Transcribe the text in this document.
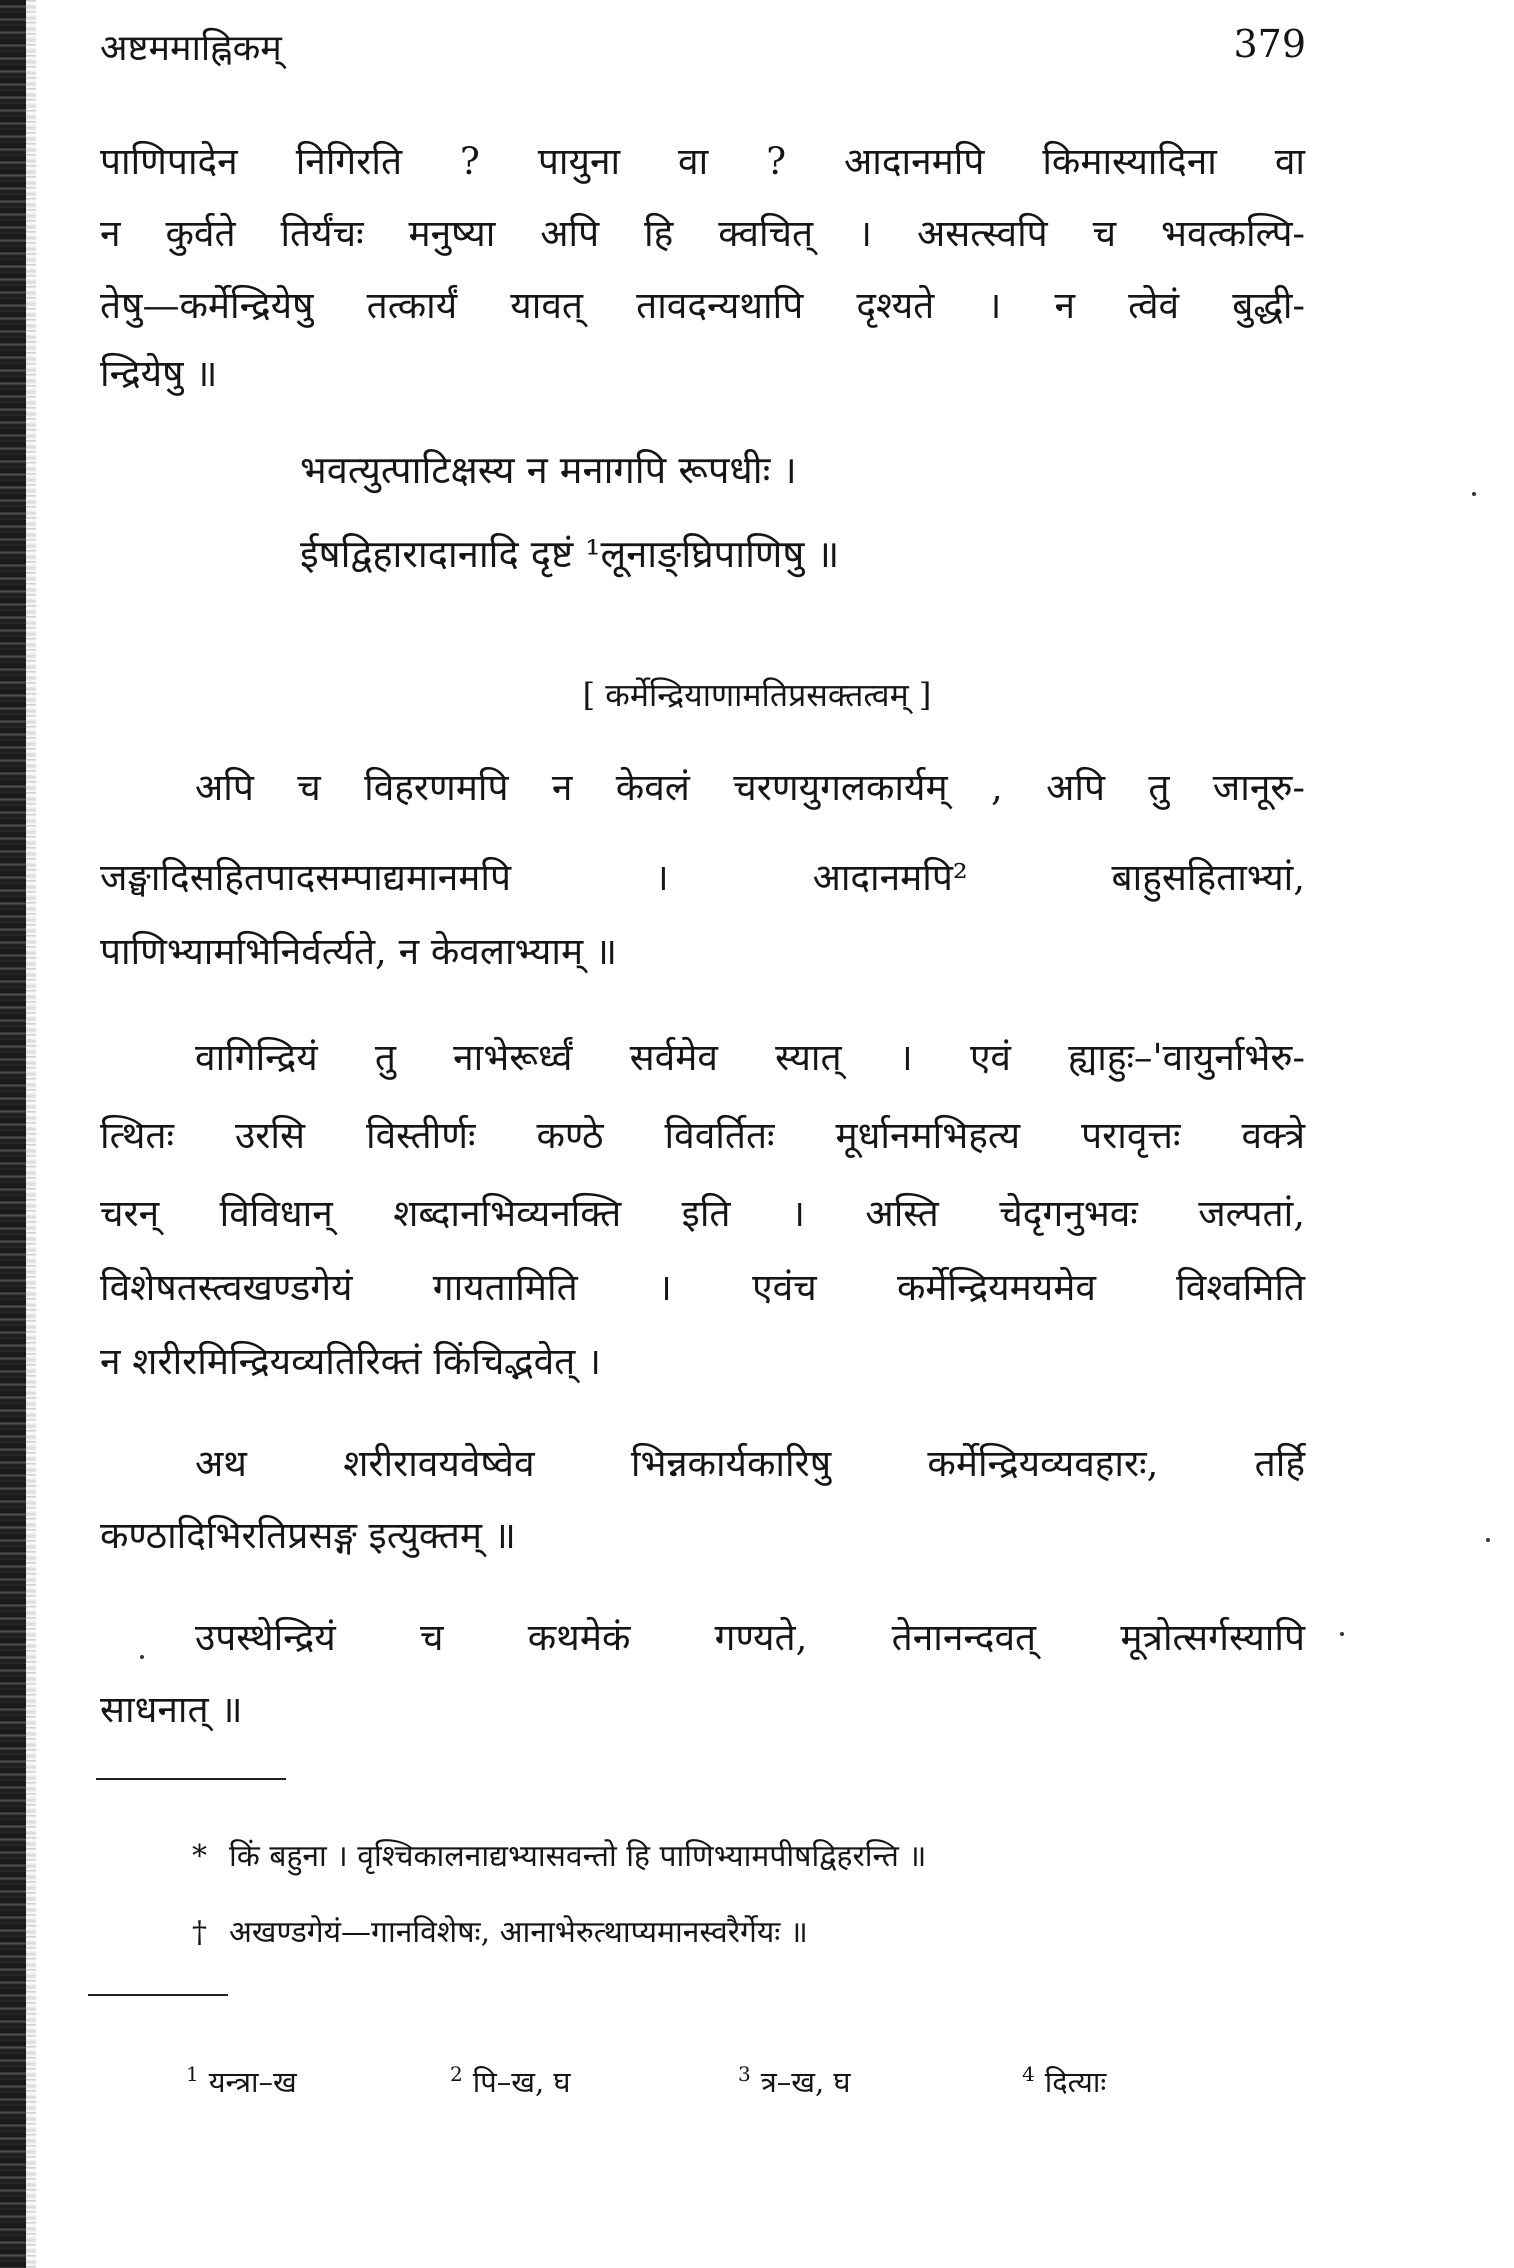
अष्टममाह्निकम्	379
पाणिपादेन निगिरति ? पायुना वा ? आदानमपि किमास्यादिना वा
न कुर्वते तिर्यंचः मनुष्या अपि हि क्वचित् । असत्स्वपि च भवत्कल्पि-
तेषु—कर्मेन्द्रियेषु तत्कार्यं यावत् तावदन्यथापि दृश्यते । न त्वेवं बुद्धी-
न्द्रियेषु ॥
भवत्युत्पाटिक्षस्य न मनागपि रूपधीः ।
ईषद्विहारादानादि दृष्टं ¹लूनाङ्घ्रिपाणिषु ॥
[ कर्मेन्द्रियाणामतिप्रसक्तत्वम् ]
अपि च विहरणमपि न केवलं चरणयुगलकार्यम् , अपि तु जानूरु-
जङ्घादिसहितपादसम्पाद्यमानमपि । आदानमपि² बाहुसहिताभ्यां,
पाणिभ्यामभिनिर्वर्त्यते, न केवलाभ्याम् ॥
वागिन्द्रियं तु नाभेरूर्ध्वं सर्वमेव स्यात् । एवं ह्याहुः–'वायुर्नाभेरु-
त्थितः उरसि विस्तीर्णः कण्ठे विवर्तितः मूर्धानमभिहत्य परावृत्तः वक्त्रे
चरन् विविधान् शब्दानभिव्यनक्ति इति । अस्ति चेदृगनुभवः जल्पतां,
विशेषतस्त्वखण्डगेयं गायतामिति । एवंच कर्मेन्द्रियमयमेव विश्वमिति
न शरीरमिन्द्रियव्यतिरिक्तं किंचिद्भवेत् ।
अथ शरीरावयवेष्वेव भिन्नकार्यकारिषु कर्मेन्द्रियव्यवहारः, तर्हि
कण्ठादिभिरतिप्रसङ्ग इत्युक्तम् ॥
उपस्थेन्द्रियं च कथमेकं गण्यते, तेनानन्दवत् मूत्रोत्सर्गस्यापि
साधनात् ॥
* किं बहुना । वृश्चिकालनाद्यभ्यासवन्तो हि पाणिभ्यामपीषद्विहरन्ति ॥
† अखण्डगेयं—गानविशेषः, आनाभेरुत्थाप्यमानस्वरैर्गेयः ॥
$^1$ यन्त्रा–ख	$^2$ पि–ख, घ	$^3$ त्र–ख, घ	$^4$ दित्याः
